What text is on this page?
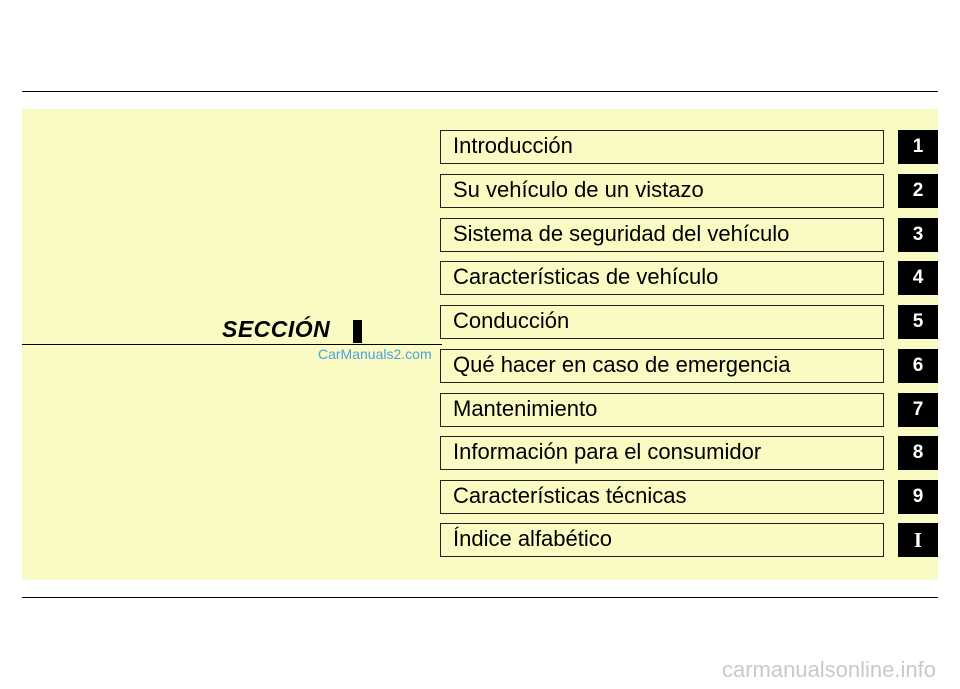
SECCIÓN
Introducción	1
Su vehículo de un vistazo	2
Sistema de seguridad del vehículo	3
Características de vehículo	4
Conducción	5
Qué hacer en caso de emergencia	6
Mantenimiento	7
Información para el consumidor	8
Características técnicas	9
Índice alfabético	I
CarManuals2.com
carmanualsonline.info
